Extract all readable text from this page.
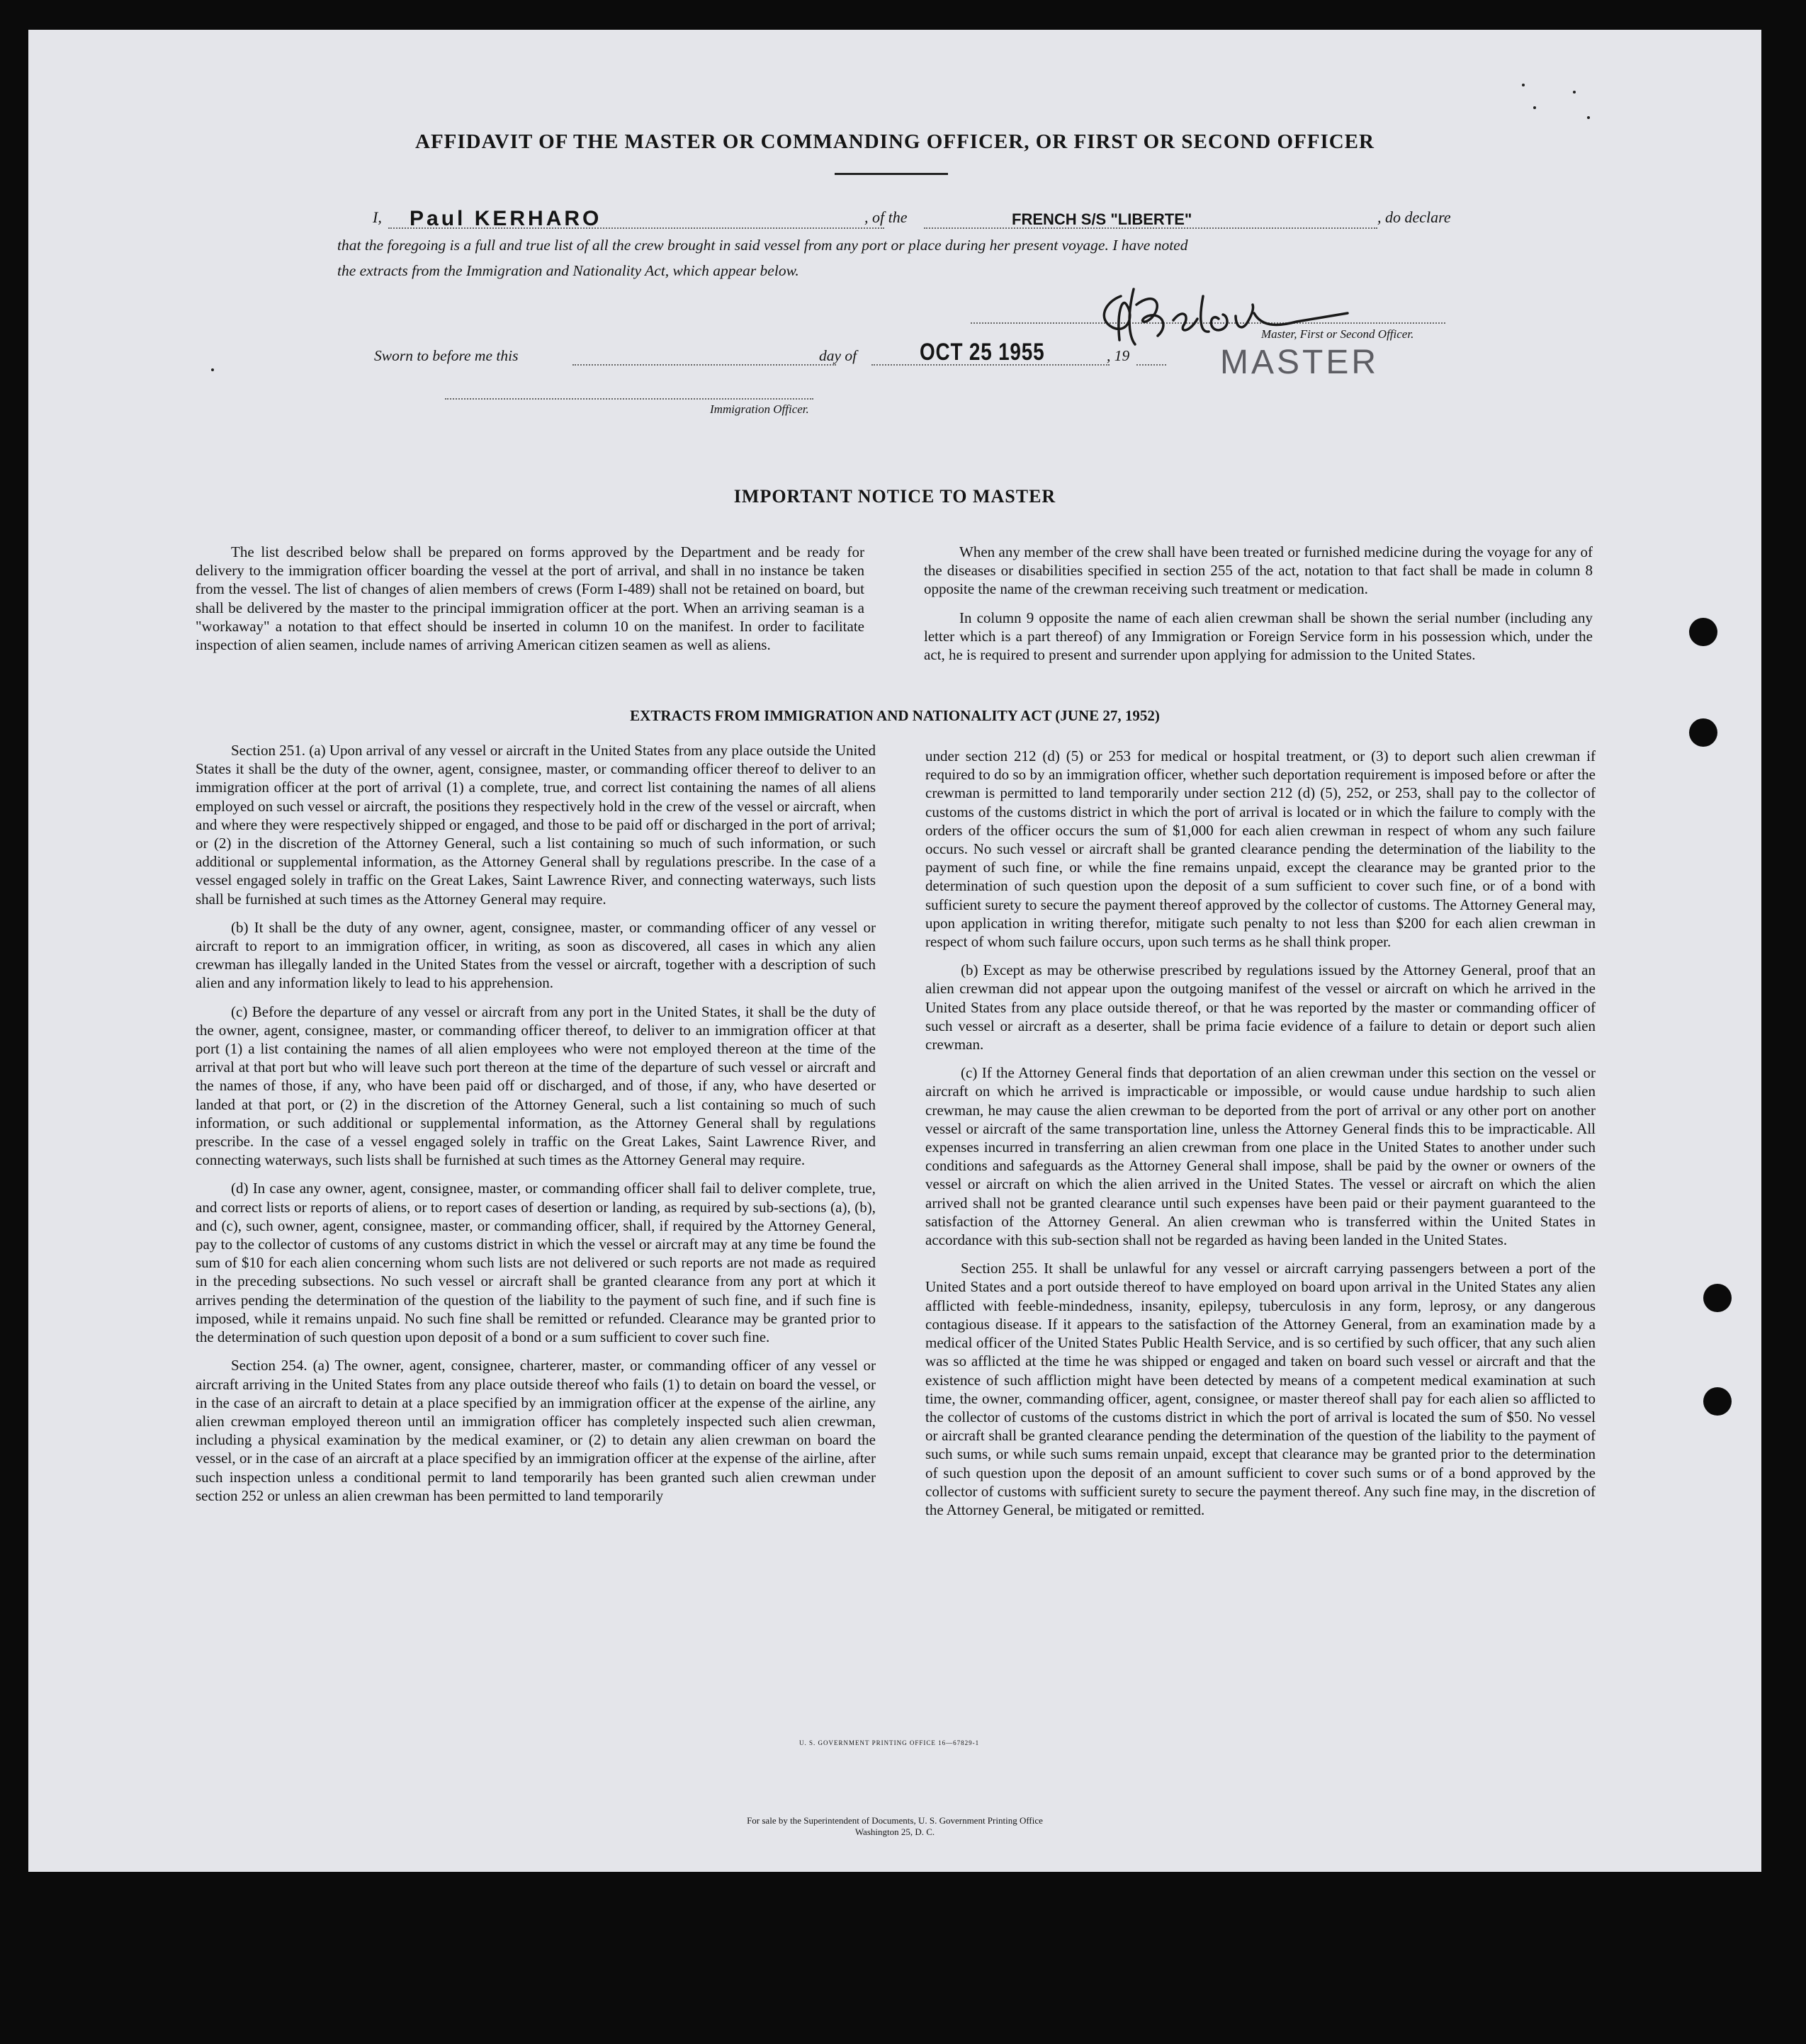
AFFIDAVIT OF THE MASTER OR COMMANDING OFFICER, OR FIRST OR SECOND OFFICER
I, Paul KERHARO	, of the	FRENCH S/S "LIBERTE"	, do declare
that the foregoing is a full and true list of all the crew brought in said vessel from any port or place during her present voyage. I have noted
the extracts from the Immigration and Nationality Act, which appear below.
Master, First or Second Officer.
MASTER
Sworn to before me this	day of	OCT 25 1955	, 19
Immigration Officer.
IMPORTANT NOTICE TO MASTER

The list described below shall be prepared on forms approved by the Department and be ready for delivery to the immigration officer boarding the vessel at the port of arrival, and shall in no instance be taken from the vessel. The list of changes of alien members of crews (Form I-489) shall not be retained on board, but shall be delivered by the master to the principal immigration officer at the port. When an arriving seaman is a "workaway" a notation to that effect should be inserted in column 10 on the manifest. In order to facilitate inspection of alien seamen, include names of arriving American citizen seamen as well as aliens.

When any member of the crew shall have been treated or furnished medicine during the voyage for any of the diseases or disabilities specified in section 255 of the act, notation to that fact shall be made in column 8 opposite the name of the crewman receiving such treatment or medication.

In column 9 opposite the name of each alien crewman shall be shown the serial number (including any letter which is a part thereof) of any Immigration or Foreign Service form in his possession which, under the act, he is required to present and surrender upon applying for admission to the United States.

EXTRACTS FROM IMMIGRATION AND NATIONALITY ACT (JUNE 27, 1952)

Section 251. (a) Upon arrival of any vessel or aircraft in the United States from any place outside the United States it shall be the duty of the owner, agent, consignee, master, or commanding officer thereof to deliver to an immigration officer at the port of arrival (1) a complete, true, and correct list containing the names of all aliens employed on such vessel or aircraft, the positions they respectively hold in the crew of the vessel or aircraft, when and where they were respectively shipped or engaged, and those to be paid off or discharged in the port of arrival; or (2) in the discretion of the Attorney General, such a list containing so much of such information, or such additional or supplemental information, as the Attorney General shall by regulations prescribe. In the case of a vessel engaged solely in traffic on the Great Lakes, Saint Lawrence River, and connecting waterways, such lists shall be furnished at such times as the Attorney General may require.

(b) It shall be the duty of any owner, agent, consignee, master, or commanding officer of any vessel or aircraft to report to an immigration officer, in writing, as soon as discovered, all cases in which any alien crewman has illegally landed in the United States from the vessel or aircraft, together with a description of such alien and any information likely to lead to his apprehension.

(c) Before the departure of any vessel or aircraft from any port in the United States, it shall be the duty of the owner, agent, consignee, master, or commanding officer thereof, to deliver to an immigration officer at that port (1) a list containing the names of all alien employees who were not employed thereon at the time of the arrival at that port but who will leave such port thereon at the time of the departure of such vessel or aircraft and the names of those, if any, who have been paid off or discharged, and of those, if any, who have deserted or landed at that port, or (2) in the discretion of the Attorney General, such a list containing so much of such information, or such additional or supplemental information, as the Attorney General shall by regulations prescribe. In the case of a vessel engaged solely in traffic on the Great Lakes, Saint Lawrence River, and connecting waterways, such lists shall be furnished at such times as the Attorney General may require.

(d) In case any owner, agent, consignee, master, or commanding officer shall fail to deliver complete, true, and correct lists or reports of aliens, or to report cases of desertion or landing, as required by sub-sections (a), (b), and (c), such owner, agent, consignee, master, or commanding officer, shall, if required by the Attorney General, pay to the collector of customs of any customs district in which the vessel or aircraft may at any time be found the sum of $10 for each alien concerning whom such lists are not delivered or such reports are not made as required in the preceding subsections. No such vessel or aircraft shall be granted clearance from any port at which it arrives pending the determination of the question of the liability to the payment of such fine, and if such fine is imposed, while it remains unpaid. No such fine shall be remitted or refunded. Clearance may be granted prior to the determination of such question upon deposit of a bond or a sum sufficient to cover such fine.

Section 254. (a) The owner, agent, consignee, charterer, master, or commanding officer of any vessel or aircraft arriving in the United States from any place outside thereof who fails (1) to detain on board the vessel, or in the case of an aircraft to detain at a place specified by an immigration officer at the expense of the airline, any alien crewman employed thereon until an immigration officer has completely inspected such alien crewman, including a physical examination by the medical examiner, or (2) to detain any alien crewman on board the vessel, or in the case of an aircraft at a place specified by an immigration officer at the expense of the airline, after such inspection unless a conditional permit to land temporarily has been granted such alien crewman under section 252 or unless an alien crewman has been permitted to land temporarily

under section 212 (d) (5) or 253 for medical or hospital treatment, or (3) to deport such alien crewman if required to do so by an immigration officer, whether such deportation requirement is imposed before or after the crewman is permitted to land temporarily under section 212 (d) (5), 252, or 253, shall pay to the collector of customs of the customs district in which the port of arrival is located or in which the failure to comply with the orders of the officer occurs the sum of $1,000 for each alien crewman in respect of whom any such failure occurs. No such vessel or aircraft shall be granted clearance pending the determination of the liability to the payment of such fine, or while the fine remains unpaid, except the clearance may be granted prior to the determination of such question upon the deposit of a sum sufficient to cover such fine, or of a bond with sufficient surety to secure the payment thereof approved by the collector of customs. The Attorney General may, upon application in writing therefor, mitigate such penalty to not less than $200 for each alien crewman in respect of whom such failure occurs, upon such terms as he shall think proper.

(b) Except as may be otherwise prescribed by regulations issued by the Attorney General, proof that an alien crewman did not appear upon the outgoing manifest of the vessel or aircraft on which he arrived in the United States from any place outside thereof, or that he was reported by the master or commanding officer of such vessel or aircraft as a deserter, shall be prima facie evidence of a failure to detain or deport such alien crewman.

(c) If the Attorney General finds that deportation of an alien crewman under this section on the vessel or aircraft on which he arrived is impracticable or impossible, or would cause undue hardship to such alien crewman, he may cause the alien crewman to be deported from the port of arrival or any other port on another vessel or aircraft of the same transportation line, unless the Attorney General finds this to be impracticable. All expenses incurred in transferring an alien crewman from one place in the United States to another under such conditions and safeguards as the Attorney General shall impose, shall be paid by the owner or owners of the vessel or aircraft on which the alien arrived in the United States. The vessel or aircraft on which the alien arrived shall not be granted clearance until such expenses have been paid or their payment guaranteed to the satisfaction of the Attorney General. An alien crewman who is transferred within the United States in accordance with this sub-section shall not be regarded as having been landed in the United States.

Section 255. It shall be unlawful for any vessel or aircraft carrying passengers between a port of the United States and a port outside thereof to have employed on board upon arrival in the United States any alien afflicted with feeble-mindedness, insanity, epilepsy, tuberculosis in any form, leprosy, or any dangerous contagious disease. If it appears to the satisfaction of the Attorney General, from an examination made by a medical officer of the United States Public Health Service, and is so certified by such officer, that any such alien was so afflicted at the time he was shipped or engaged and taken on board such vessel or aircraft and that the existence of such affliction might have been detected by means of a competent medical examination at such time, the owner, commanding officer, agent, consignee, or master thereof shall pay for each alien so afflicted to the collector of customs of the customs district in which the port of arrival is located the sum of $50. No vessel or aircraft shall be granted clearance pending the determination of the question of the liability to the payment of such sums, or while such sums remain unpaid, except that clearance may be granted prior to the determination of such question upon the deposit of an amount sufficient to cover such sums or of a bond approved by the collector of customs with sufficient surety to secure the payment thereof. Any such fine may, in the discretion of the Attorney General, be mitigated or remitted.

U. S. GOVERNMENT PRINTING OFFICE 16—67829-1
For sale by the Superintendent of Documents, U. S. Government Printing Office
Washington 25, D. C.
